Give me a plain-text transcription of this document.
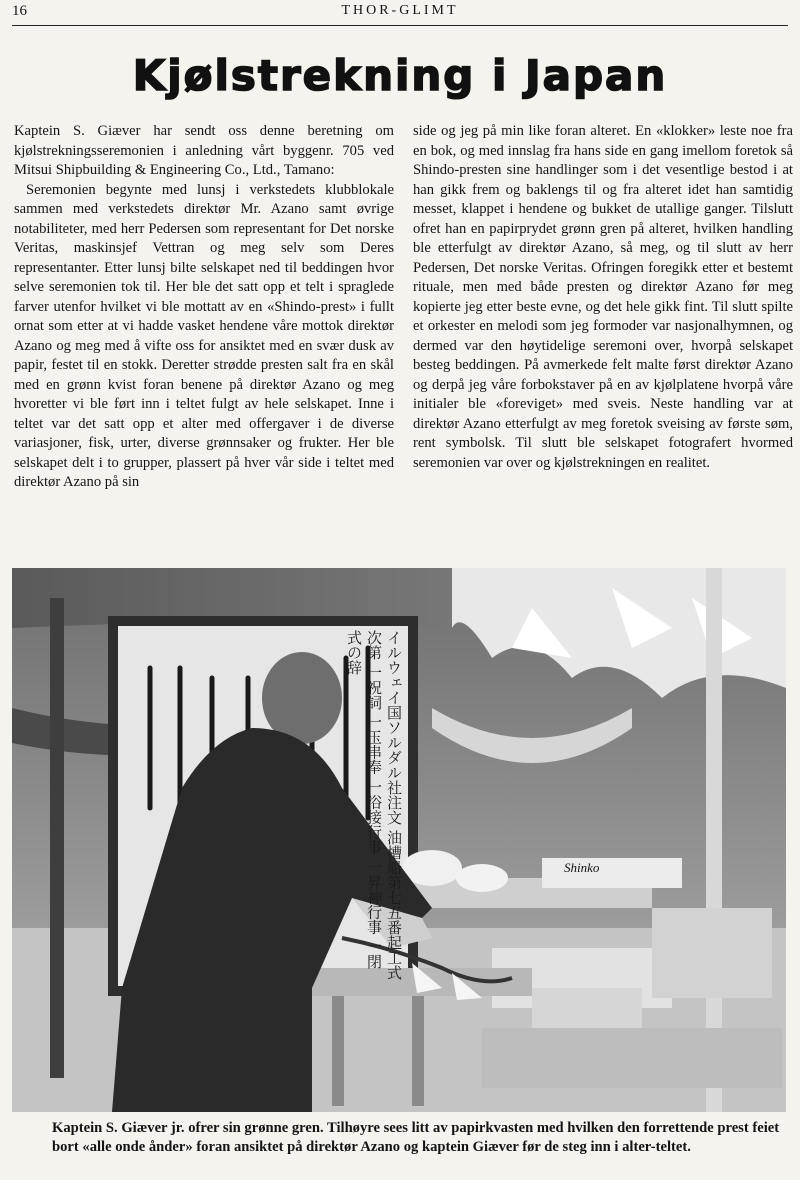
16	THOR-GLIMT
Kjølstrekning i Japan

Kaptein S. Giæver har sendt oss denne beretning om kjølstrekningsseremonien i anledning vårt byggenr. 705 ved Mitsui Shipbuilding & Engineering Co., Ltd., Tamano:

Seremonien begynte med lunsj i verkstedets klubblokale sammen med verkstedets direktør Mr. Azano samt øvrige notabiliteter, med herr Pedersen som representant for Det norske Veritas, maskinsjef Vettran og meg selv som Deres representanter. Etter lunsj bilte selskapet ned til beddingen hvor selve seremonien tok til. Her ble det satt opp et telt i spraglede farver utenfor hvilket vi ble mottatt av en «Shindo-prest» i fullt ornat som etter at vi hadde vasket hendene våre mottok direktør Azano og meg med å vifte oss for ansiktet med en svær dusk av papir, festet til en stokk. Deretter strødde presten salt fra en skål med en grønn kvist foran benene på direktør Azano og meg hvoretter vi ble ført inn i teltet fulgt av hele selskapet. Inne i teltet var det satt opp et alter med offergaver i de diverse variasjoner, fisk, urter, diverse grønnsaker og frukter. Her ble selskapet delt i to grupper, plassert på hver vår side i teltet med direktør Azano på sin

side og jeg på min like foran alteret. En «klokker» leste noe fra en bok, og med innslag fra hans side en gang imellom foretok så Shindo-presten sine handlinger som i det vesentlige bestod i at han gikk frem og baklengs til og fra alteret idet han samtidig messet, klappet i hendene og bukket de utallige ganger. Tilslutt ofret han en papirprydet grønn gren på alteret, hvilken handling ble etterfulgt av direktør Azano, så meg, og til slutt av herr Pedersen, Det norske Veritas. Ofringen foregikk etter et bestemt rituale, men med både presten og direktør Azano før meg kopierte jeg etter beste evne, og det hele gikk fint. Til slutt spilte et orkester en melodi som jeg formoder var nasjonalhymnen, og dermed var den høytidelige seremoni over, hvorpå selskapet besteg beddingen. På avmerkede felt malte først direktør Azano og derpå jeg våre forbokstaver på en av kjølplatene hvorpå våre initialer ble «foreviget» med sveis. Neste handling var at direktør Azano etterfulgt av meg foretok sveising av første søm, rent symbolsk. Til slutt ble selskapet fotografert hvormed seremonien var over og kjølstrekningen en realitet.

イルウェイ国ソルダル社注文 油槽船第七五番起工式次第 一祝詞 一玉串奉 一浴接行事 一昇神行事 一閉式の辞
Shinko
Kaptein S. Giæver jr. ofrer sin grønne gren. Tilhøyre sees litt av papirkvasten med hvilken den forrettende prest feiet bort «alle onde ånder» foran ansiktet på direktør Azano og kaptein Giæver før de steg inn i alter-teltet.
